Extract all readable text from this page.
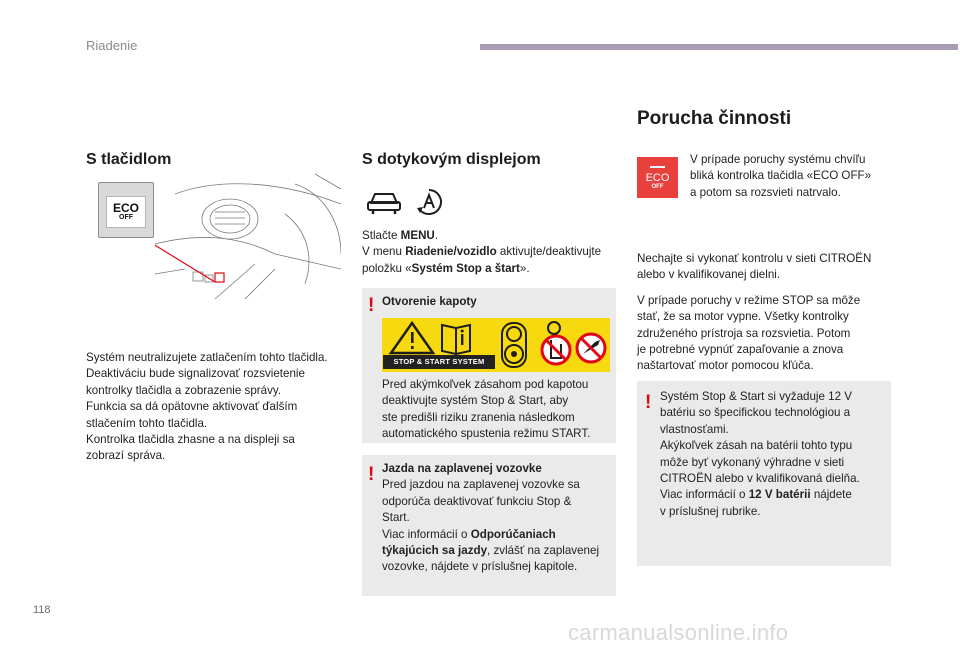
Riadenie
S tlačidlom
ECO
OFF
Systém neutralizujete zatlačením tohto tlačidla.
Deaktiváciu bude signalizovať rozsvietenie
kontrolky tlačidla a zobrazenie správy.
Funkcia sa dá opätovne aktivovať ďalším
stlačením tohto tlačidla.
Kontrolka tlačidla zhasne a na displeji sa
zobrazí správa.
S dotykovým displejom
Stlačte MENU.
V menu Riadenie/vozidlo aktivujte/deaktivujte
položku «Systém Stop a štart».
! Otvorenie kapoty
STOP & START SYSTEM
Pred akýmkoľvek zásahom pod kapotou
deaktivujte systém Stop & Start, aby
ste predišli riziku zranenia následkom
automatického spustenia režimu START.
! Jazda na zaplavenej vozovke
Pred jazdou na zaplavenej vozovke sa
odporúča deaktivovať funkciu Stop &
Start.
Viac informácií o Odporúčaniach
týkajúcich sa jazdy, zvlášť na zaplavenej
vozovke, nájdete v príslušnej kapitole.
Porucha činnosti
ECO
OFF
V prípade poruchy systému chvíľu
bliká kontrolka tlačidla «ECO OFF»
a potom sa rozsvieti natrvalo.

Nechajte si vykonať kontrolu v sieti CITROËN
alebo v kvalifikovanej dielni.

V prípade poruchy v režime STOP sa môže
stať, že sa motor vypne. Všetky kontrolky
združeného prístroja sa rozsvietia. Potom
je potrebné vypnúť zapaľovanie a znova
naštartovať motor pomocou kľúča.

! Systém Stop & Start si vyžaduje 12 V
batériu so špecifickou technológiou a
vlastnosťami.
Akýkoľvek zásah na batérii tohto typu
môže byť vykonaný výhradne v sieti
CITROËN alebo v kvalifikovaná dielňa.
Viac informácií o 12 V batérii nájdete
v príslušnej rubrike.
118
carmanualsonline.info
